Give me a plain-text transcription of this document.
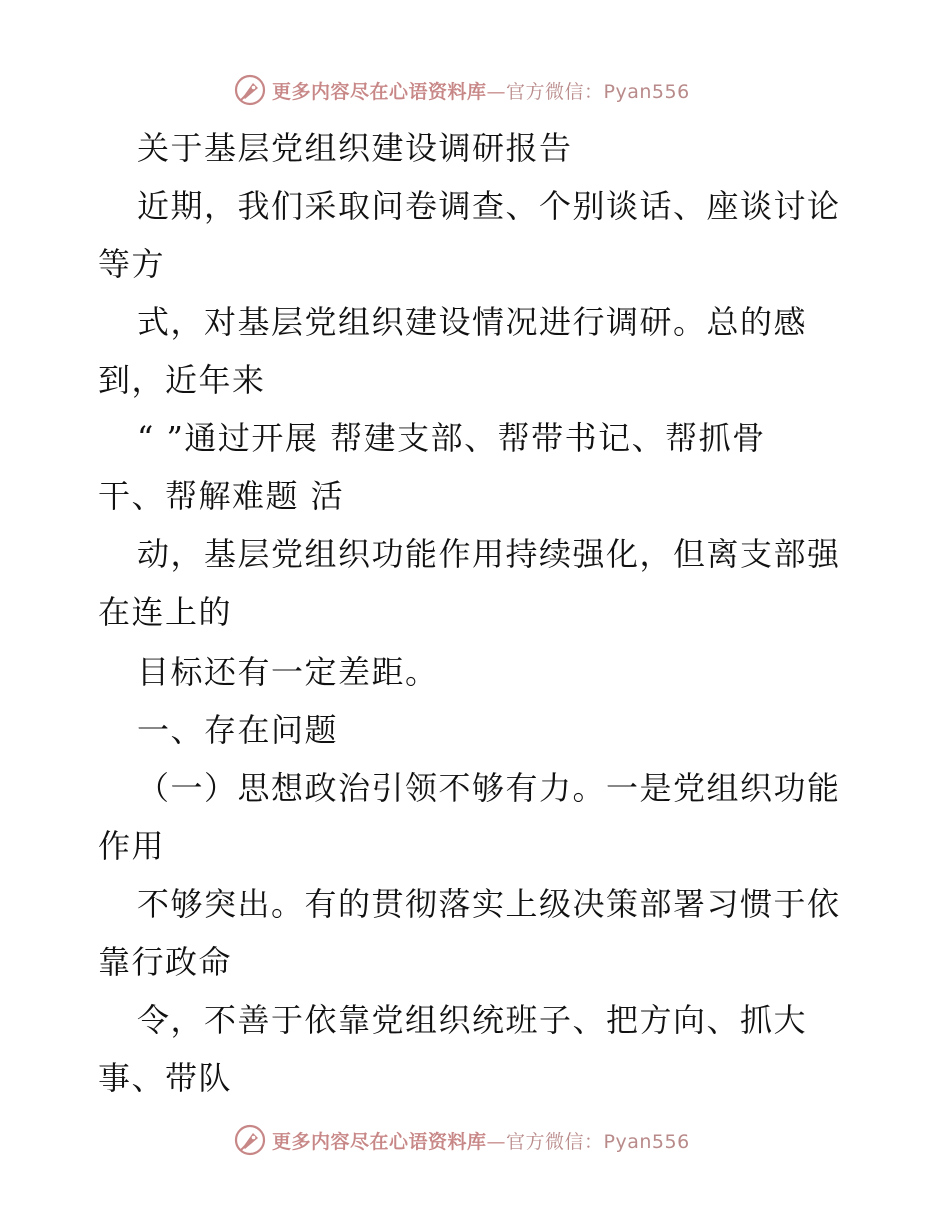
更多内容尽在心语资料库—官方微信：Pyan556
关于基层党组织建设调研报告
近期，我们采取问卷调查、个别谈话、座谈讨论
等方
式，对基层党组织建设情况进行调研。总的感
到，近年来
“ ”通过开展 帮建支部、帮带书记、帮抓骨
干、帮解难题 活
动，基层党组织功能作用持续强化，但离支部强
在连上的
目标还有一定差距。
一、存在问题
（一）思想政治引领不够有力。一是党组织功能
作用
不够突出。有的贯彻落实上级决策部署习惯于依
靠行政命
令，不善于依靠党组织统班子、把方向、抓大
事、带队
更多内容尽在心语资料库—官方微信：Pyan556
